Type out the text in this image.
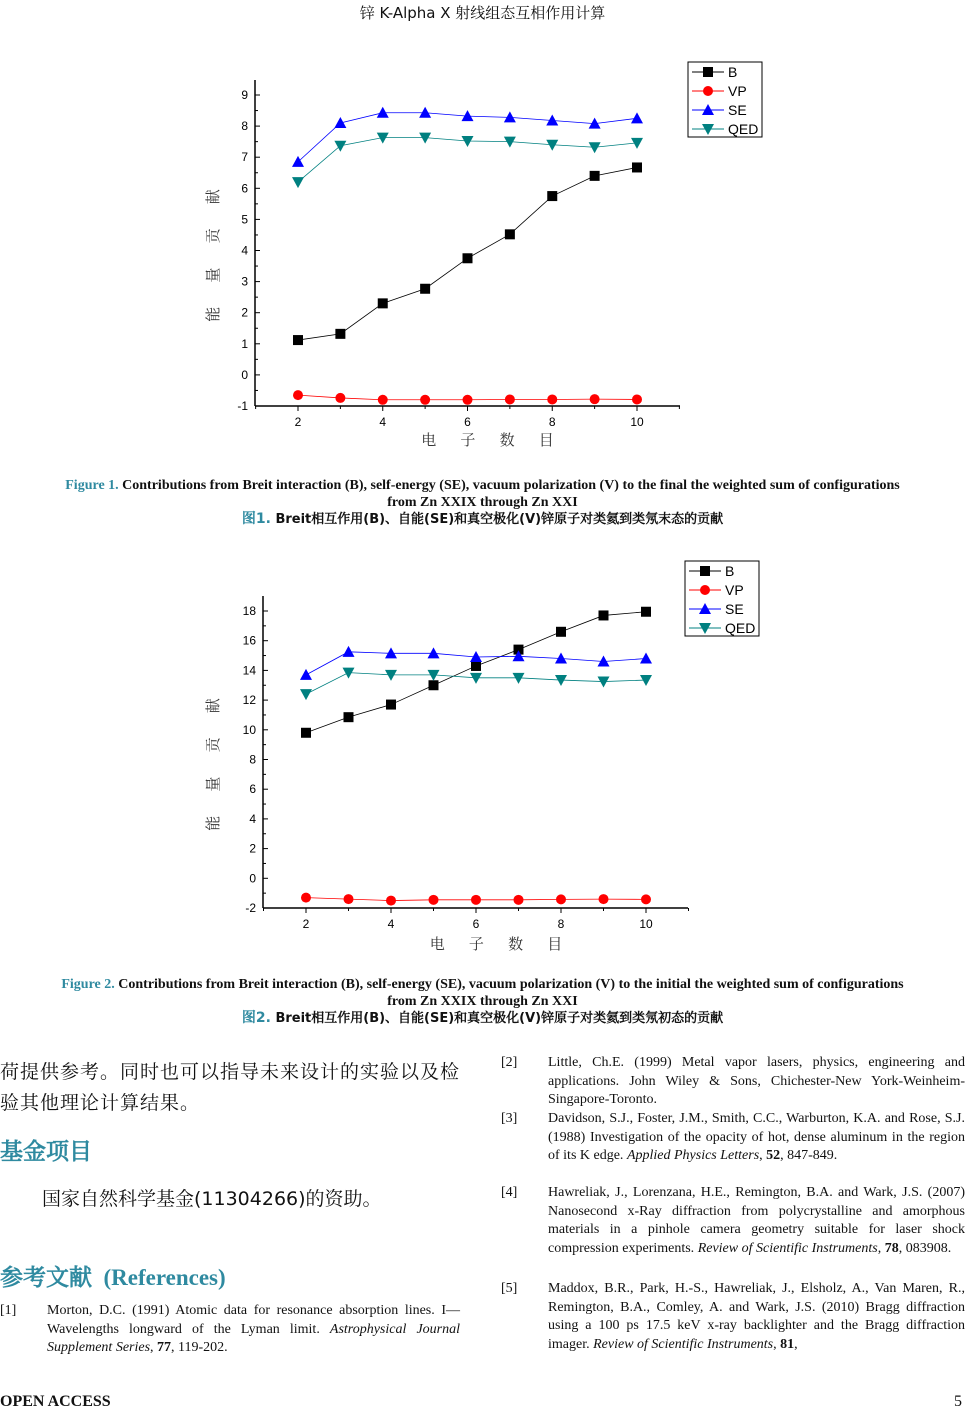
锌 K-Alpha X 射线组态互相作用计算
-1
0
1
2
3
4
5
6
7
8
9
2	4	6	8	10
能 量 贡 献
电 子 数 目
B
VP
SE
QED
Figure 1. Contributions from Breit interaction (B), self-energy (SE), vacuum polarization (V) to the final the weighted sum of configurations
from Zn XXIX through Zn XXI
图1. Breit相互作用(B)、自能(SE)和真空极化(V)锌原子对类氦到类氖末态的贡献
-2
0
2
4
6
8
10
12
14
16
18
2	4	6	8	10
能 量 贡 献
电 子 数 目
B
VP
SE
QED
Figure 2. Contributions from Breit interaction (B), self-energy (SE), vacuum polarization (V) to the initial the weighted sum of configurations
from Zn XXIX through Zn XXI
图2. Breit相互作用(B)、自能(SE)和真空极化(V)锌原子对类氦到类氖初态的贡献
荷提供参考。同时也可以指导未来设计的实验以及检
验其他理论计算结果。
基金项目
国家自然科学基金(11304266)的资助。
参考文献 (References)
[1] Morton, D.C. (1991) Atomic data for resonance absorption lines. I—Wavelengths longward of the Lyman limit. Astrophysical Journal Supplement Series, 77, 119-202.
[2] Little, Ch.E. (1999) Metal vapor lasers, physics, engineering and applications. John Wiley & Sons, Chichester-New York-Weinheim-Singapore-Toronto.
[3] Davidson, S.J., Foster, J.M., Smith, C.C., Warburton, K.A. and Rose, S.J. (1988) Investigation of the opacity of hot, dense aluminum in the region of its K edge. Applied Physics Letters, 52, 847-849.
[4] Hawreliak, J., Lorenzana, H.E., Remington, B.A. and Wark, J.S. (2007) Nanosecond x-Ray diffraction from polycrystalline and amorphous materials in a pinhole camera geometry suitable for laser shock compression experiments. Review of Scientific Instruments, 78, 083908.
[5] Maddox, B.R., Park, H.-S., Hawreliak, J., Elsholz, A., Van Maren, R., Remington, B.A., Comley, A. and Wark, J.S. (2010) Bragg diffraction using a 100 ps 17.5 keV x-ray backlighter and the Bragg diffraction imager. Review of Scientific Instruments, 81,
OPEN ACCESS	5
